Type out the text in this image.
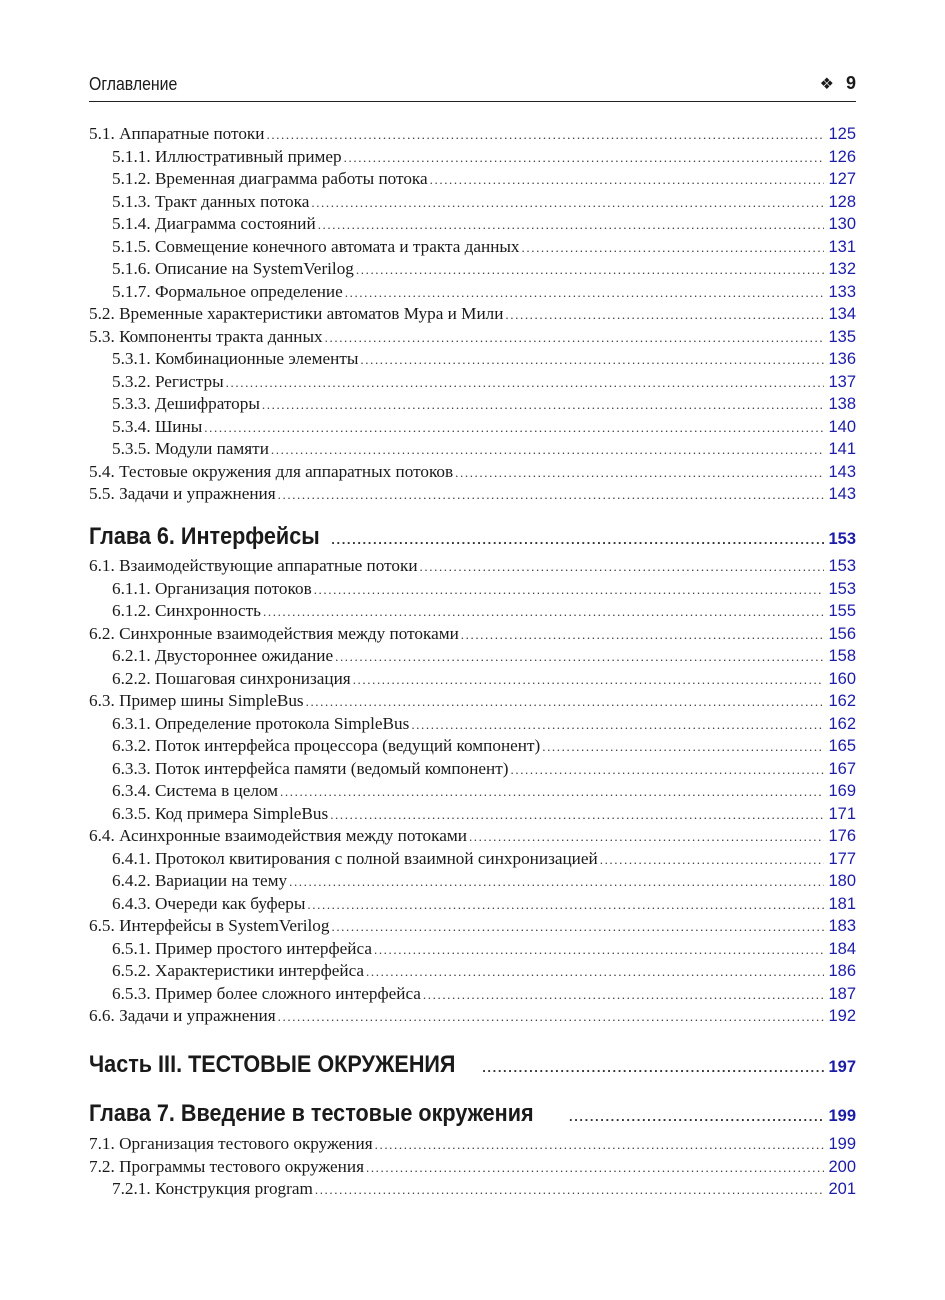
Оглавление	❖ 9
5.1. Аппаратные потоки .....	125
5.1.1. Иллюстративный пример .....	126
5.1.2. Временная диаграмма работы потока .....	127
5.1.3. Тракт данных потока .....	128
5.1.4. Диаграмма состояний .....	130
5.1.5. Совмещение конечного автомата и тракта данных .....	131
5.1.6. Описание на SystemVerilog .....	132
5.1.7. Формальное определение .....	133
5.2. Временные характеристики автоматов Мура и Мили .....	134
5.3. Компоненты тракта данных .....	135
5.3.1. Комбинационные элементы .....	136
5.3.2. Регистры .....	137
5.3.3. Дешифраторы .....	138
5.3.4. Шины .....	140
5.3.5. Модули памяти .....	141
5.4. Тестовые окружения для аппаратных потоков .....	143
5.5. Задачи и упражнения .....	143
Глава 6. Интерфейсы .....	153
6.1. Взаимодействующие аппаратные потоки .....	153
6.1.1. Организация потоков .....	153
6.1.2. Синхронность .....	155
6.2. Синхронные взаимодействия между потоками .....	156
6.2.1. Двустороннее ожидание .....	158
6.2.2. Пошаговая синхронизация .....	160
6.3. Пример шины SimpleBus .....	162
6.3.1. Определение протокола SimpleBus .....	162
6.3.2. Поток интерфейса процессора (ведущий компонент) .....	165
6.3.3. Поток интерфейса памяти (ведомый компонент) .....	167
6.3.4. Система в целом .....	169
6.3.5. Код примера SimpleBus .....	171
6.4. Асинхронные взаимодействия между потоками .....	176
6.4.1. Протокол квитирования с полной взаимной синхронизацией .....	177
6.4.2. Вариации на тему .....	180
6.4.3. Очереди как буферы .....	181
6.5. Интерфейсы в SystemVerilog .....	183
6.5.1. Пример простого интерфейса .....	184
6.5.2. Характеристики интерфейса .....	186
6.5.3. Пример более сложного интерфейса .....	187
6.6. Задачи и упражнения .....	192
Часть III. ТЕСТОВЫЕ ОКРУЖЕНИЯ .....	197
Глава 7. Введение в тестовые окружения .....	199
7.1. Организация тестового окружения .....	199
7.2. Программы тестового окружения .....	200
7.2.1. Конструкция program .....	201
